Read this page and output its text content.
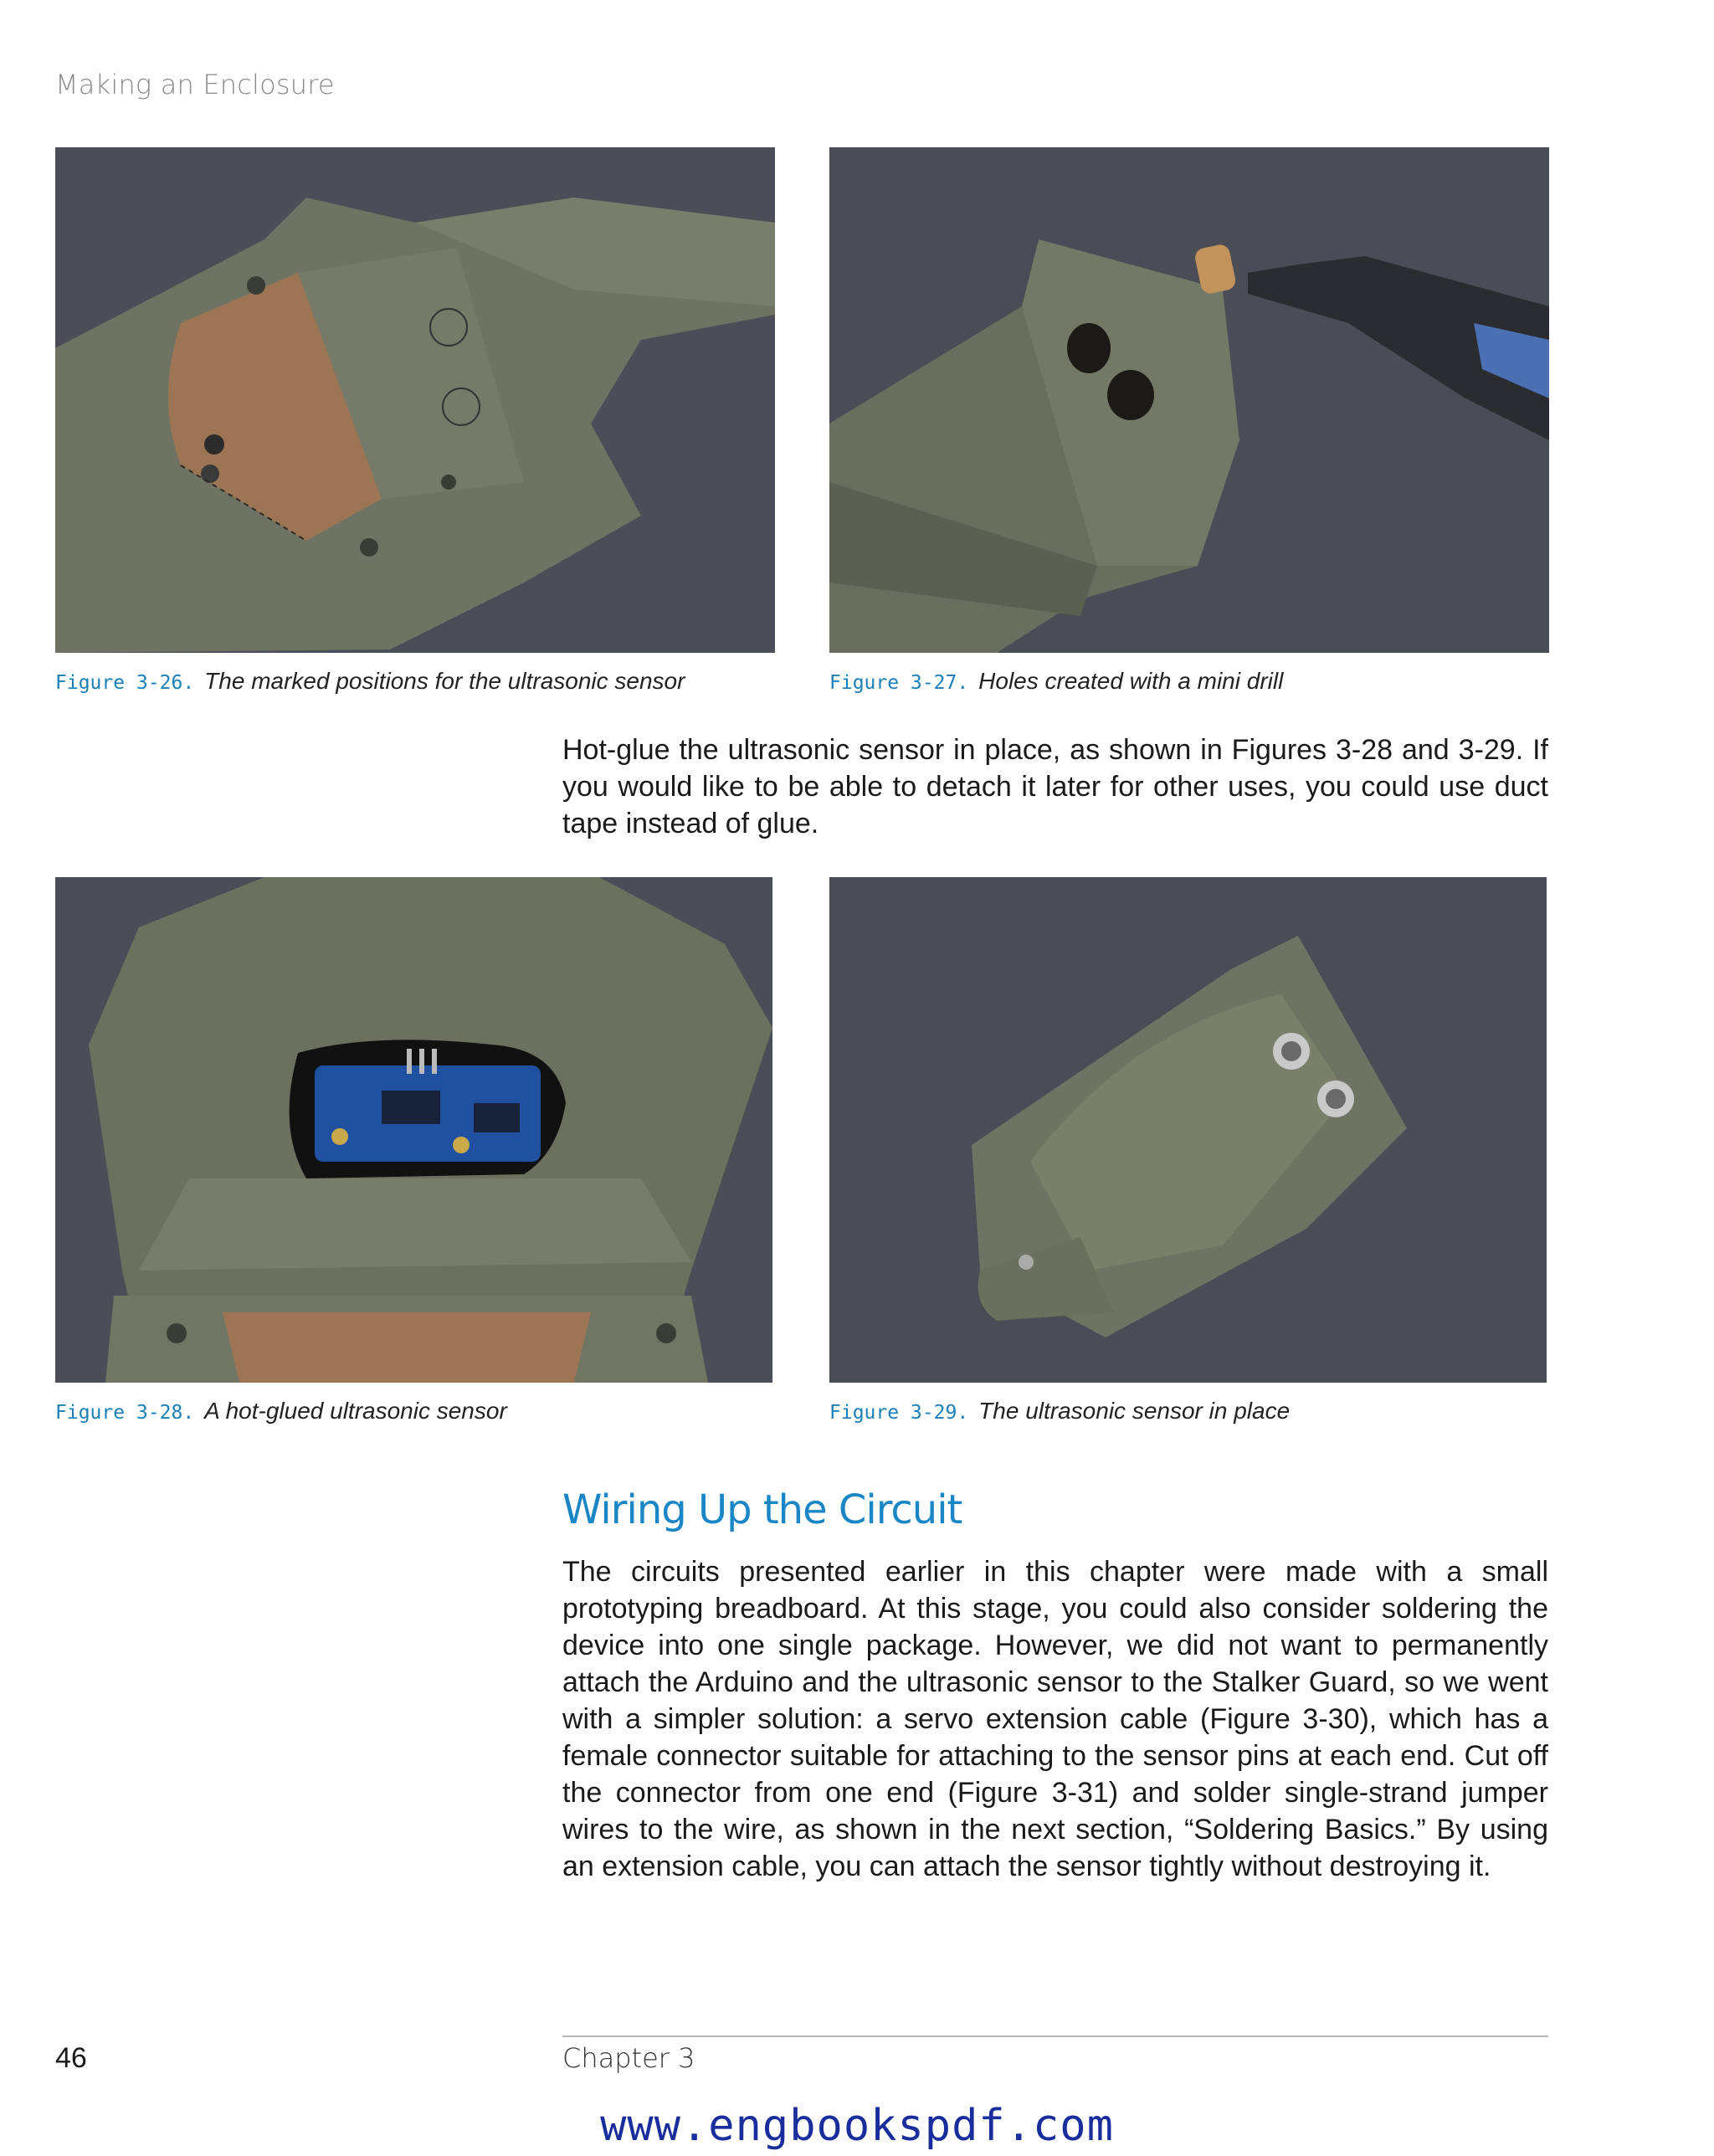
Making an Enclosure
Figure 3-26. The marked positions for the ultrasonic sensor	Figure 3-27. Holes created with a mini drill

Hot-glue the ultrasonic sensor in place, as shown in Figures 3-28 and 3-29. If you would like to be able to detach it later for other uses, you could use duct tape instead of glue.

Figure 3-28. A hot-glued ultrasonic sensor	Figure 3-29. The ultrasonic sensor in place
Wiring Up the Circuit

The circuits presented earlier in this chapter were made with a small prototyping breadboard. At this stage, you could also consider soldering the device into one single package. However, we did not want to permanently attach the Arduino and the ultrasonic sensor to the Stalker Guard, so we went with a simpler solution: a servo extension cable (Figure 3-30), which has a female connector suitable for attaching to the sensor pins at each end. Cut off the connector from one end (Figure 3-31) and solder single-strand jumper wires to the wire, as shown in the next section, “Soldering Basics.” By using an extension cable, you can attach the sensor tightly without destroying it.

46	Chapter 3
www.engbookspdf.com
